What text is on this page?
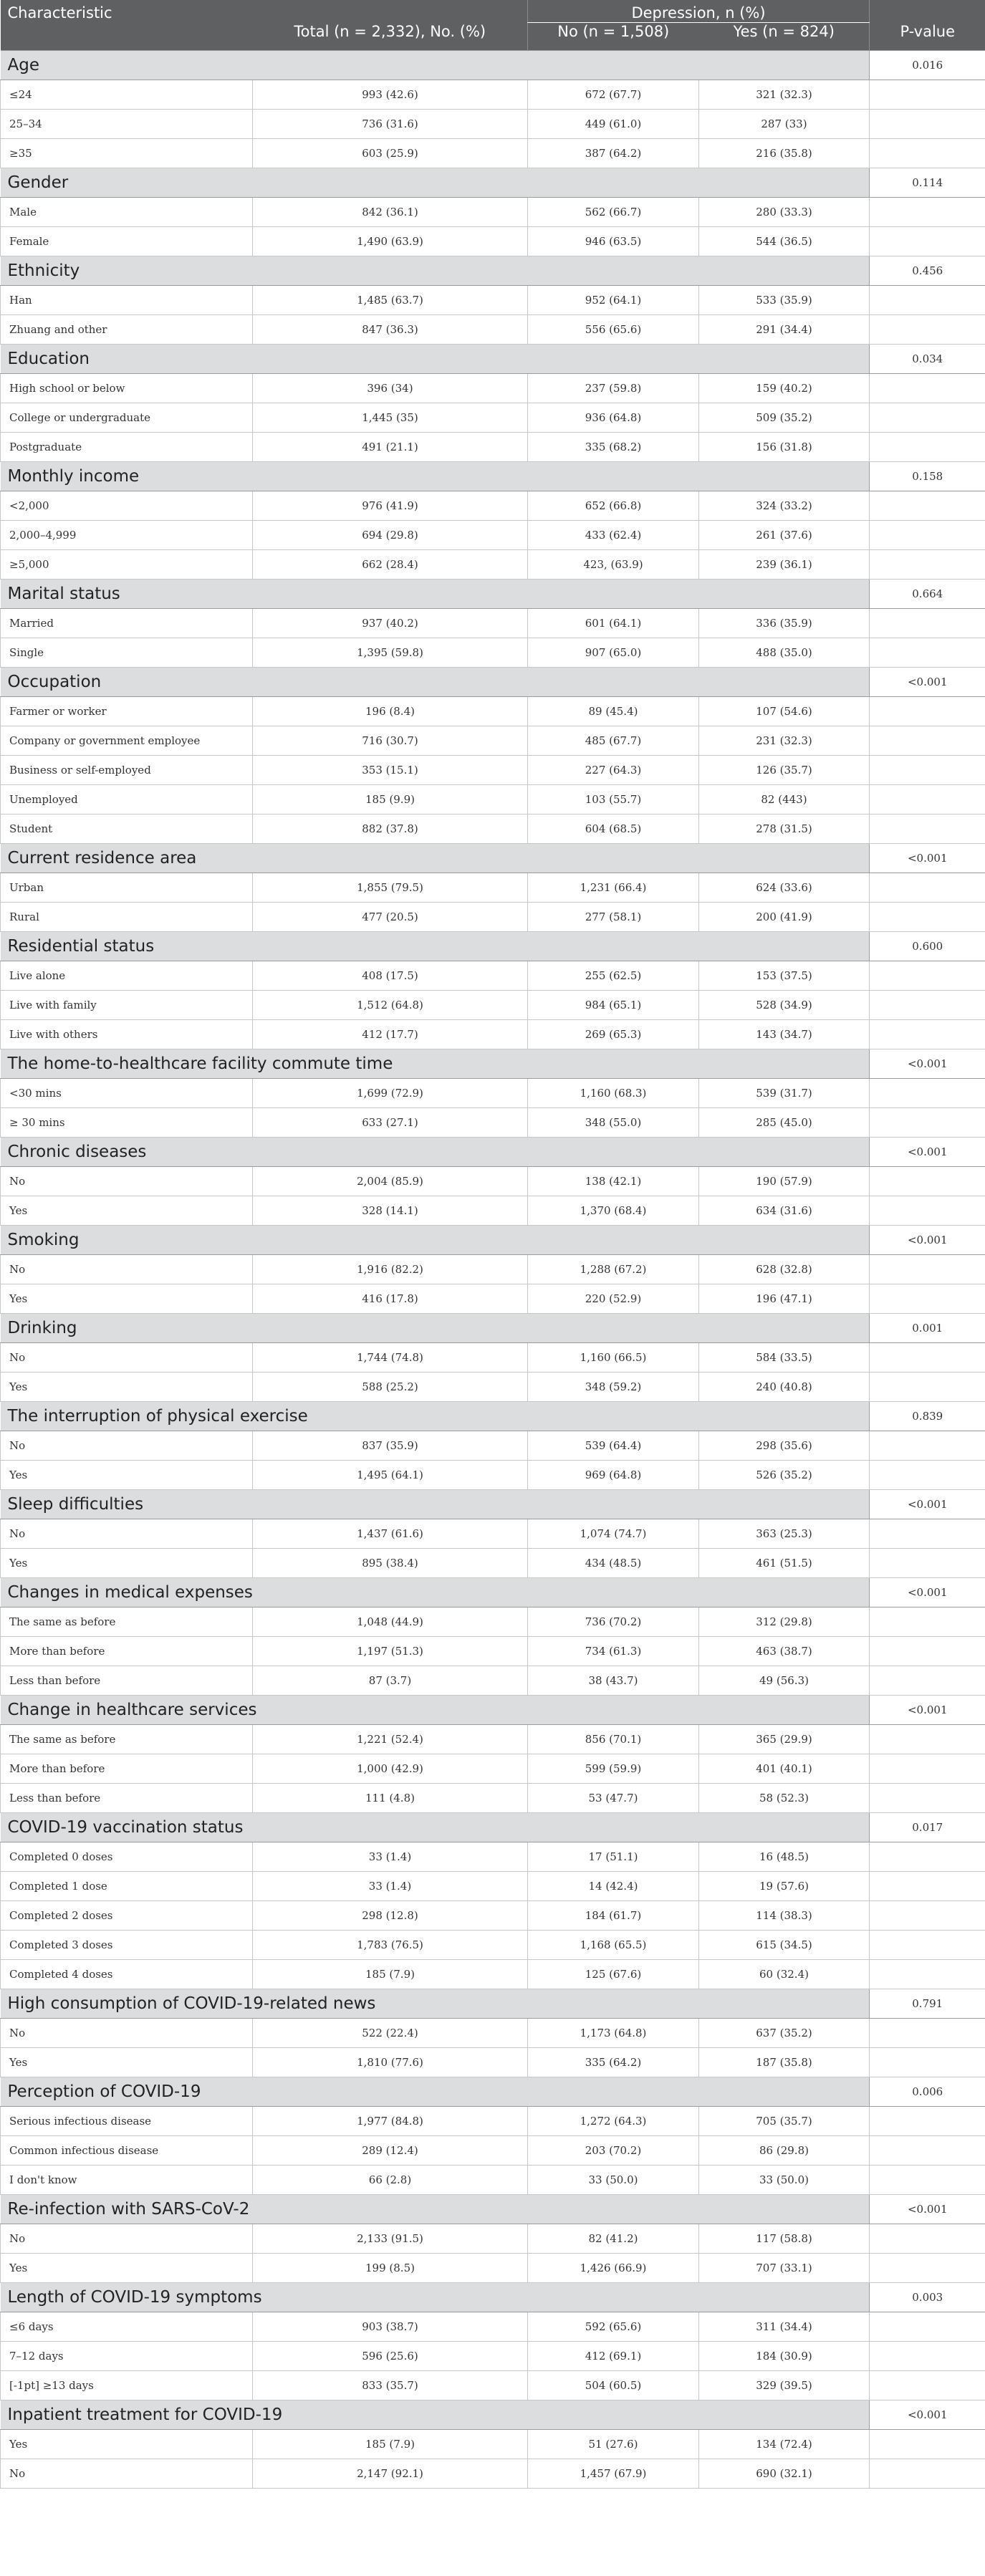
Characteristic		Depression, n (%)		
	Total (n = 2,332), No. (%)	No (n = 1,508)	Yes (n = 824)	P-value
Age				0.016
≤24	993 (42.6)	672 (67.7)	321 (32.3)	
25–34	736 (31.6)	449 (61.0)	287 (33)	
≥35	603 (25.9)	387 (64.2)	216 (35.8)	
Gender				0.114
Male	842 (36.1)	562 (66.7)	280 (33.3)	
Female	1,490 (63.9)	946 (63.5)	544 (36.5)	
Ethnicity				0.456
Han	1,485 (63.7)	952 (64.1)	533 (35.9)	
Zhuang and other	847 (36.3)	556 (65.6)	291 (34.4)	
Education				0.034
High school or below	396 (34)	237 (59.8)	159 (40.2)	
College or undergraduate	1,445 (35)	936 (64.8)	509 (35.2)	
Postgraduate	491 (21.1)	335 (68.2)	156 (31.8)	
Monthly income				0.158
<2,000	976 (41.9)	652 (66.8)	324 (33.2)	
2,000–4,999	694 (29.8)	433 (62.4)	261 (37.6)	
≥5,000	662 (28.4)	423, (63.9)	239 (36.1)	
Marital status				0.664
Married	937 (40.2)	601 (64.1)	336 (35.9)	
Single	1,395 (59.8)	907 (65.0)	488 (35.0)	
Occupation				<0.001
Farmer or worker	196 (8.4)	89 (45.4)	107 (54.6)	
Company or government employee	716 (30.7)	485 (67.7)	231 (32.3)	
Business or self-employed	353 (15.1)	227 (64.3)	126 (35.7)	
Unemployed	185 (9.9)	103 (55.7)	82 (443)	
Student	882 (37.8)	604 (68.5)	278 (31.5)	
Current residence area				<0.001
Urban	1,855 (79.5)	1,231 (66.4)	624 (33.6)	
Rural	477 (20.5)	277 (58.1)	200 (41.9)	
Residential status				0.600
Live alone	408 (17.5)	255 (62.5)	153 (37.5)	
Live with family	1,512 (64.8)	984 (65.1)	528 (34.9)	
Live with others	412 (17.7)	269 (65.3)	143 (34.7)	
The home-to-healthcare facility commute time				<0.001
<30 mins	1,699 (72.9)	1,160 (68.3)	539 (31.7)	
≥ 30 mins	633 (27.1)	348 (55.0)	285 (45.0)	
Chronic diseases				<0.001
No	2,004 (85.9)	138 (42.1)	190 (57.9)	
Yes	328 (14.1)	1,370 (68.4)	634 (31.6)	
Smoking				<0.001
No	1,916 (82.2)	1,288 (67.2)	628 (32.8)	
Yes	416 (17.8)	220 (52.9)	196 (47.1)	
Drinking				0.001
No	1,744 (74.8)	1,160 (66.5)	584 (33.5)	
Yes	588 (25.2)	348 (59.2)	240 (40.8)	
The interruption of physical exercise				0.839
No	837 (35.9)	539 (64.4)	298 (35.6)	
Yes	1,495 (64.1)	969 (64.8)	526 (35.2)	
Sleep difficulties				<0.001
No	1,437 (61.6)	1,074 (74.7)	363 (25.3)	
Yes	895 (38.4)	434 (48.5)	461 (51.5)	
Changes in medical expenses				<0.001
The same as before	1,048 (44.9)	736 (70.2)	312 (29.8)	
More than before	1,197 (51.3)	734 (61.3)	463 (38.7)	
Less than before	87 (3.7)	38 (43.7)	49 (56.3)	
Change in healthcare services				<0.001
The same as before	1,221 (52.4)	856 (70.1)	365 (29.9)	
More than before	1,000 (42.9)	599 (59.9)	401 (40.1)	
Less than before	111 (4.8)	53 (47.7)	58 (52.3)	
COVID-19 vaccination status				0.017
Completed 0 doses	33 (1.4)	17 (51.1)	16 (48.5)	
Completed 1 dose	33 (1.4)	14 (42.4)	19 (57.6)	
Completed 2 doses	298 (12.8)	184 (61.7)	114 (38.3)	
Completed 3 doses	1,783 (76.5)	1,168 (65.5)	615 (34.5)	
Completed 4 doses	185 (7.9)	125 (67.6)	60 (32.4)	
High consumption of COVID-19-related news				0.791
No	522 (22.4)	1,173 (64.8)	637 (35.2)	
Yes	1,810 (77.6)	335 (64.2)	187 (35.8)	
Perception of COVID-19				0.006
Serious infectious disease	1,977 (84.8)	1,272 (64.3)	705 (35.7)	
Common infectious disease	289 (12.4)	203 (70.2)	86 (29.8)	
I don't know	66 (2.8)	33 (50.0)	33 (50.0)	
Re-infection with SARS-CoV-2				<0.001
No	2,133 (91.5)	82 (41.2)	117 (58.8)	
Yes	199 (8.5)	1,426 (66.9)	707 (33.1)	
Length of COVID-19 symptoms				0.003
≤6 days	903 (38.7)	592 (65.6)	311 (34.4)	
7–12 days	596 (25.6)	412 (69.1)	184 (30.9)	
[-1pt] ≥13 days	833 (35.7)	504 (60.5)	329 (39.5)	
Inpatient treatment for COVID-19				<0.001
Yes	185 (7.9)	51 (27.6)	134 (72.4)	
No	2,147 (92.1)	1,457 (67.9)	690 (32.1)	
